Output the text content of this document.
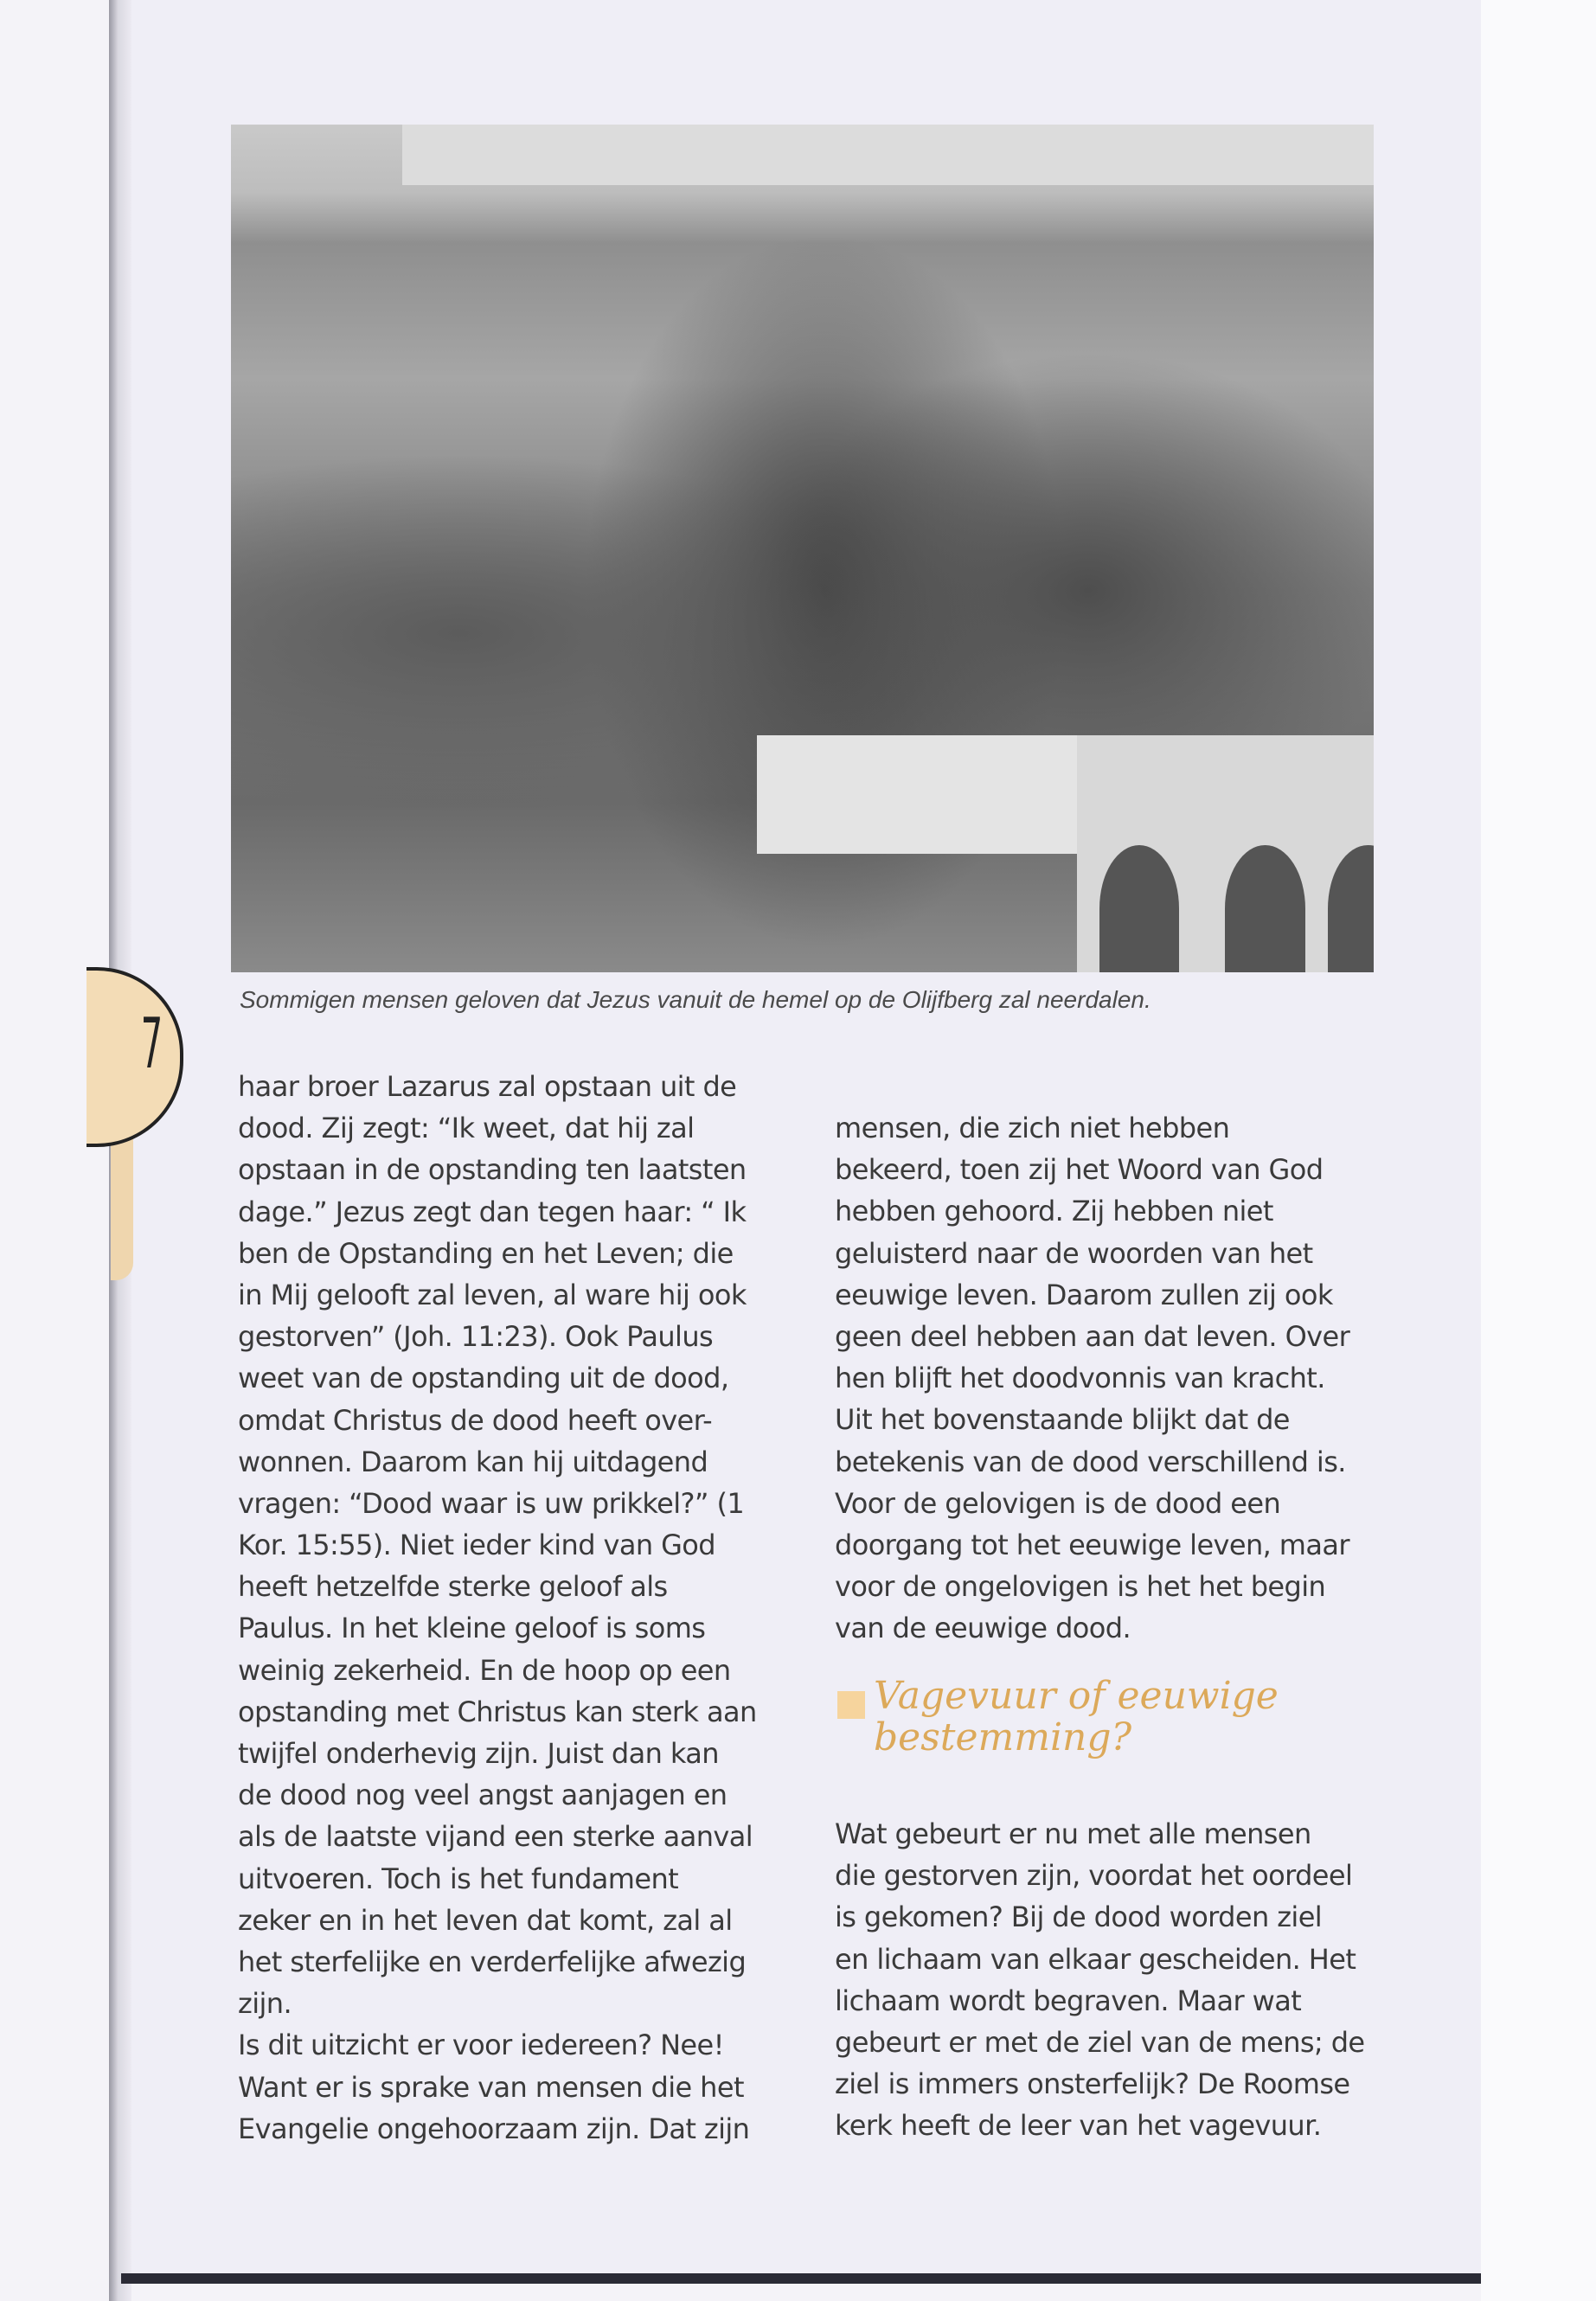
7
Sommigen mensen geloven dat Jezus vanuit de hemel op de Olijfberg zal neerdalen.
haar broer Lazarus zal opstaan uit de
dood. Zij zegt: “Ik weet, dat hij zal
opstaan in de opstanding ten laatsten
dage.” Jezus zegt dan tegen haar: “ Ik
ben de Opstanding en het Leven; die
in Mij gelooft zal leven, al ware hij ook
gestorven” (Joh. 11:23). Ook Paulus
weet van de opstanding uit de dood,
omdat Christus de dood heeft over-
wonnen. Daarom kan hij uitdagend
vragen: “Dood waar is uw prikkel?” (1
Kor. 15:55). Niet ieder kind van God
heeft hetzelfde sterke geloof als
Paulus. In het kleine geloof is soms
weinig zekerheid. En de hoop op een
opstanding met Christus kan sterk aan
twijfel onderhevig zijn. Juist dan kan
de dood nog veel angst aanjagen en
als de laatste vijand een sterke aanval
uitvoeren. Toch is het fundament
zeker en in het leven dat komt, zal al
het sterfelijke en verderfelijke afwezig
zijn.
Is dit uitzicht er voor iedereen? Nee!
Want er is sprake van mensen die het
Evangelie ongehoorzaam zijn. Dat zijn
mensen, die zich niet hebben
bekeerd, toen zij het Woord van God
hebben gehoord. Zij hebben niet
geluisterd naar de woorden van het
eeuwige leven. Daarom zullen zij ook
geen deel hebben aan dat leven. Over
hen blijft het doodvonnis van kracht.
Uit het bovenstaande blijkt dat de
betekenis van de dood verschillend is.
Voor de gelovigen is de dood een
doorgang tot het eeuwige leven, maar
voor de ongelovigen is het het begin
van de eeuwige dood.
Vagevuur of eeuwige
bestemming?
Wat gebeurt er nu met alle mensen
die gestorven zijn, voordat het oordeel
is gekomen? Bij de dood worden ziel
en lichaam van elkaar gescheiden. Het
lichaam wordt begraven. Maar wat
gebeurt er met de ziel van de mens; de
ziel is immers onsterfelijk? De Roomse
kerk heeft de leer van het vagevuur.
